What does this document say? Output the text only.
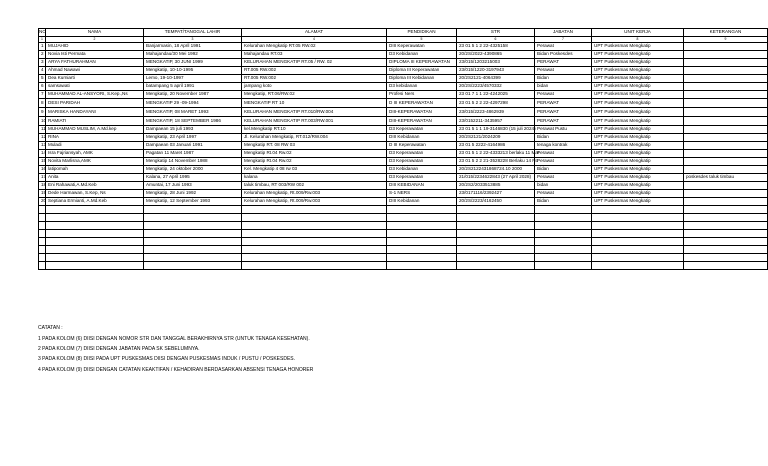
NO	NAMA	TEMPAT/TANGGAL LAHIR	ALAMAT	PENDIDIKAN	STR	JABATAN	UNIT KERJA	KETERANGAN
1	2	3	4	5	6	7	8	9
1	MUJAHID	Banjarmasin, 18 April 1991	Kelurahan Mengkatip RT.05 RW.02	DIII Keperawatan	23 01 5 1 2 22-4325158	Perawat	UPT Puskesmas Mengkatip	
2	Novia Isti Permata	Mahajandau/30 Mei 1992	Mahajandau RT.03	D3 Kebidanan	20/2S/2022-4390865	Bidan Poskesdes	UPT Puskesmas Mengkatip	
3	ARYA FATHURAHMAN	MENGKATIP, 30 JUNI 1999	KELURAHAN MENGKATIP RT.05 / RW. 02	DIPLOMA III KEPERAWATAN	23/015/1203215003	PERAWAT	UPT Puskesmas Mengkatip	
4	Ahmad Nawawi	Mengkatip, 10-10-1995	RT.005 RW.002	Diploma III Keperawatan	23/015/1220-3197943	Perawat	UPT Puskesmas Mengkatip	
5	Dea Kurniarti	Lemo, 19-10-1997	RT.005 RW.002	Diploma III Kebidanan	20/2S2121-4064399	Bidan	UPT Puskesmas Mengkatip	
6	samsawati	batampang 5 april 1991	jampang koto	D3 kebidanan	20/2S/2223/4570332	bidan	UPT Puskesmas Mengkatip	
7	MUHAMMAD AL-ANSYORI, S.Kep.,Ns	Mengkatip, 20 November 1987	Mengkatip, RT.06/RW.02	Profesi Ners	23 01 7 1 1 22-4242025	Perawat	UPT Puskesmas Mengkatip	
8	DESI PARIDAH	MENGKATIP 29 -09-1994	MENGKATIP RT 10	D III KEPERAWATAN	23 01 5 2 2 22-4297298	PERAWAT	UPT Puskesmas Mengkatip	
9	MARISKA HANDAYANI	MENGKATIP, 08 MARET 1993	KELURAHAN MENGKATIP RT.010/RW.004	DIII-KEPERAWATAN	23/015/2223-4862939	PERAWAT	UPT Puskesmas Mengkatip	
10	RAMIATI	MENGKATIP, 18 SEPTEMBER 1986	KELURAHAN MENGKATIP RT.003/RW.001	DIII-KEPERAWATAN	23/0152211-3435957	PERAWAT	UPT Puskesmas Mengkatip	
11	MUHAMMAD MUSLIM, A.Md.kep	Dampaean 15 juli 1993	kel.Mengkatip RT.10	D3 Keperawatan	23 01 5 1 1 19-3146830 (15 juli 2024)	Perawat Pustu	UPT Puskesmas Mengkatip	
12	RINA	Mengkatip, 23 April 1997	Jl. Kelurahan Mengkatip, RT.012/RW.004	DIII Kebidanan	20/2S2121/2024209	Bidan	UPT Puskesmas Mengkatip	
13	Muladi	Dampaean 03 Januari 1991	Mengkatip RT. 08 RW 03	D III Keperawatan	23 01 5 2222-4164986	tenaga kontrak	UPT Puskesmas Mengkatip	
14	Isra Fajriansyah, AMK	Pagatan 11 Maret 1987	Mengkatip Rt.04 Rw.02	D3 Keperawatan	23 01 5 1 2 22-4333213 berlaku 11 Mar	Perawat	UPT Puskesmas Mengkatip	
15	Novita Marlisna,AMK	Mengkatip 14 November 1988	Mengkatip Rt.04 Rw.02	D3 Keperawatan	23 01 5 2 2 21-3528228 Berlaku 14 No	Perawat	UPT Puskesmas Mengkatip	
16	latipomah	Mengkatip, 24 oktober 2000	Kel. Mengkatip 4 08 rw 03	D3 Kebidanan	20/2S2122431868724.10 2000	Bidan	UPT Puskesmas Mengkatip	
17	Anita	Kalana, 27 April 1995	kalana	D3 Keperawatan	21/015/2234622843 (27 April 2028)	Perawat	UPT Puskesmas Mengkatip	poskesdes taluk timbau
18	Eni Rahawati,A.Md.Keb	Amuntai, 17 Juni 1993	taluk timbau, RT 003/RW 002	DIII KEBIDANAN	20/2S2/2033513885	bidan	UPT Puskesmas Mengkatip	
19	Dede Harmawan, S.Kep, Ns	Mengkatip, 28 Juni 1992	Kelurahan Mengkatip, Rt.009/Rw.003	S-1 NERS	23/0171116/2392427	Perawat	UPT Puskesmas Mengkatip	
20	Septiana Ermianti, A.Md.Keb	Mengkatip, 12 September 1993	Kelurahan Mengkatip, Rt.009/Rw.003	DIII Kebidanan	20/2S/2223/4162450	Bidan	UPT Puskesmas Mengkatip	

CATATAN :
1 PADA KOLOM (6) DIISI DENGAN NOMOR STR DAN TANGGAL BERAKHIRNYA STR (UNTUK TENAGA KESEHATAN).
2 PADA KOLOM (7) DIISI DENGAN JABATAN PADA SK SEBELUMNYA.
3 PADA KOLOM (8) DIISI PADA UPT PUSKESMAS DIISI DENGAN PUSKESMAS INDUK / PUSTU / POSKESDES.
4 PADA KOLOM (9) DIISI DENGAN CATATAN KEAKTIFAN / KEHADIRAN BERDASARKAN ABSENSI TENAGA HONORER
